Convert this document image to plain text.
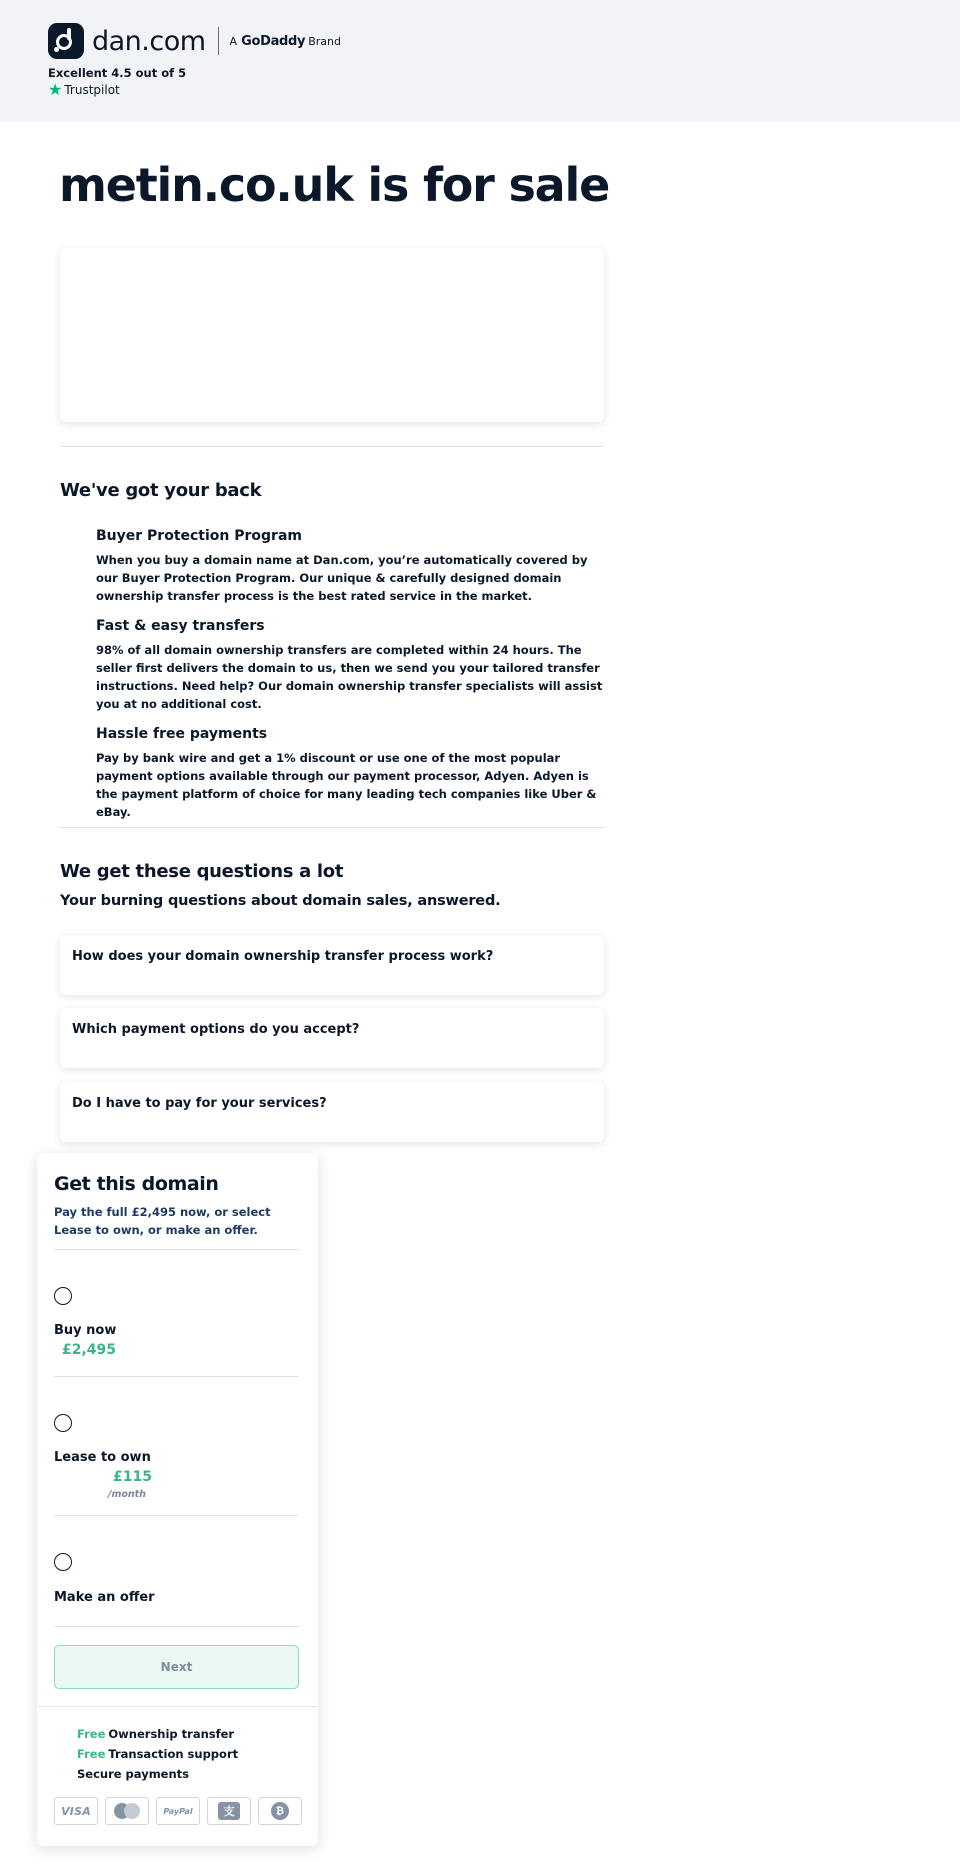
dan.com A GoDaddy Brand
Excellent 4.5 out of 5
★ Trustpilot
metin.co.uk is for sale
We've got your back
Buyer Protection Program

When you buy a domain name at Dan.com, you’re automatically covered by our Buyer Protection Program. Our unique & carefully designed domain ownership transfer process is the best rated service in the market.

Fast & easy transfers

98% of all domain ownership transfers are completed within 24 hours. The seller first delivers the domain to us, then we send you your tailored transfer instructions. Need help? Our domain ownership transfer specialists will assist you at no additional cost.

Hassle free payments

Pay by bank wire and get a 1% discount or use one of the most popular payment options available through our payment processor, Adyen. Adyen is the payment platform of choice for many leading tech companies like Uber & eBay.

We get these questions a lot
Your burning questions about domain sales, answered.
How does your domain ownership transfer process work?
Which payment options do you accept?
Do I have to pay for your services?
Get this domain

Pay the full £2,495 now, or select Lease to own, or make an offer.

Buy now
£2,495
Lease to own
£115
/month
Make an offer
Next
Free Ownership transfer
Free Transaction support
Secure payments
VISA	PayPal	支	₿
